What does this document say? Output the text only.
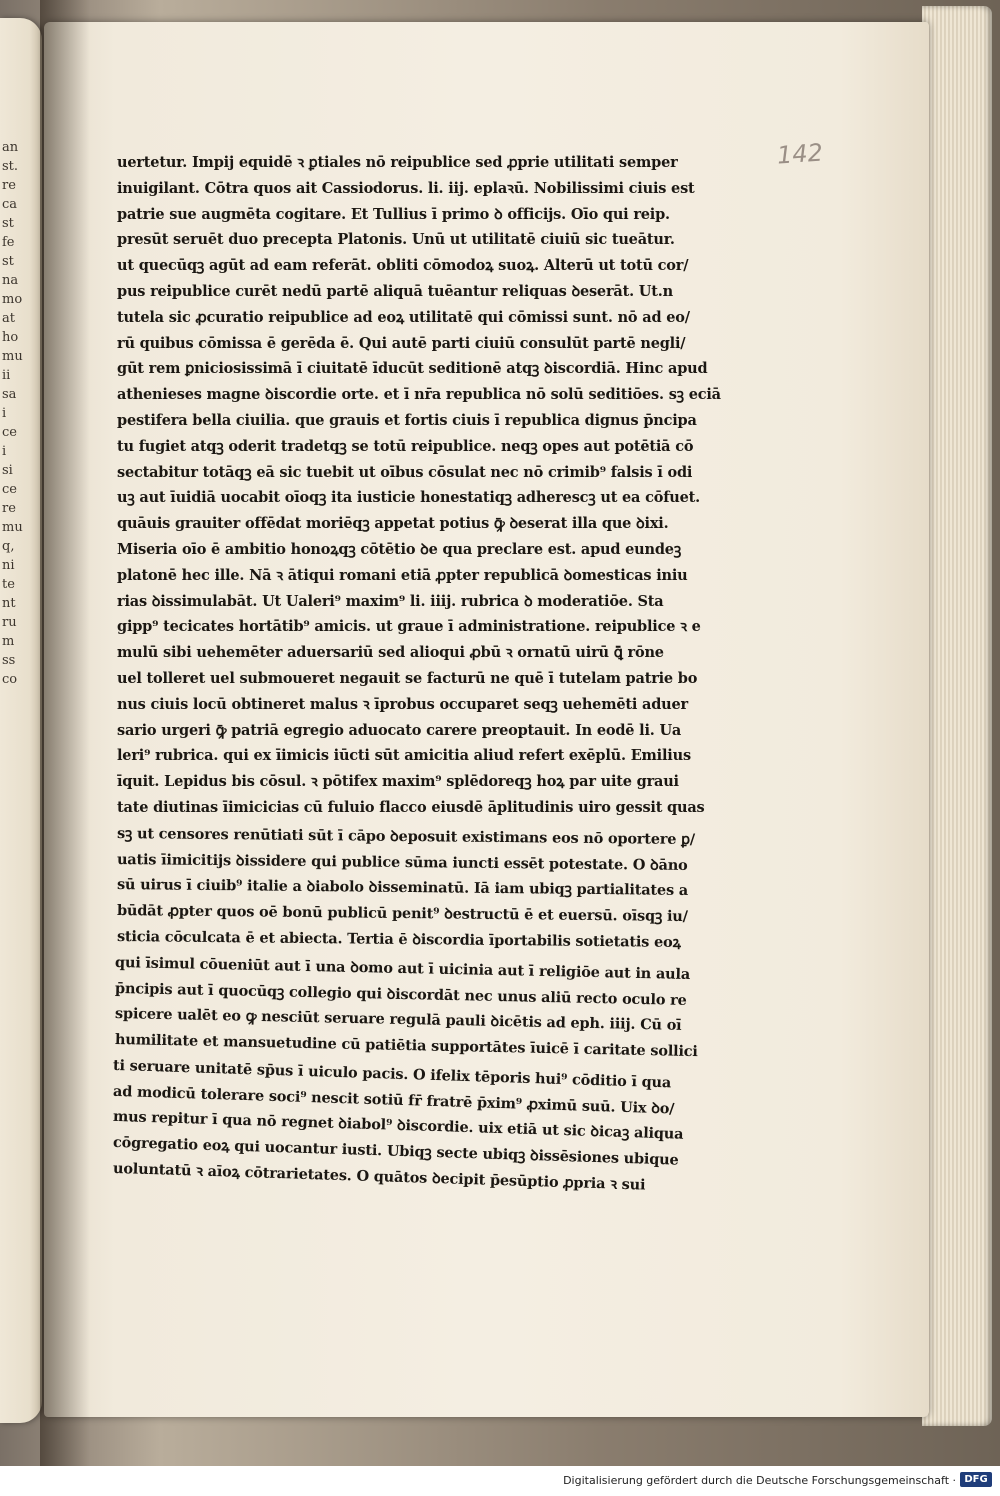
an
st.
re
ca
st
fe
st
na
mo
at
ho
mu
ii
sa
i
ce
i
si
ce
re
mu
q,
ni
te
nt
ru
m
ss
co
142
uertetur. Impij equidē ꝛ ꝑtiales nō reipublice sed ꝓprie utilitati semper
inuigilant. Cōtra quos ait Cassiodorus. li. iij. eplaꝛū. Nobilissimi ciuis est
patrie sue augmēta cogitare. Et Tullius ī primo ꝺ officijs. Oīo qui reip.
presūt seruēt duo precepta Platonis. Unū ut utilitatē ciuiū sic tueātur.
ut quecūqꝫ agūt ad eam referāt. obliti cōmodoꝝ suoꝝ. Alterū ut totū cor/
pus reipublice curēt nedū partē aliquā tuēantur reliquas ꝺeserāt. Ut.n
tutela sic ꝓcuratio reipublice ad eoꝝ utilitatē qui cōmissi sunt. nō ad eo/
rū quibus cōmissa ē gerēda ē. Qui autē parti ciuiū consulūt partē negli/
gūt rem ꝑniciosissimā ī ciuitatē īducūt seditionē atqꝫ ꝺiscordiā. Hinc apud
athenieses magne ꝺiscordie orte. et ī nr̄a republica nō solū seditiōes. sꝫ eciā
pestifera bella ciuilia. que grauis et fortis ciuis ī republica dignus p̄ncipa
tu fugiet atqꝫ oderit tradetqꝫ se totū reipublice. neqꝫ opes aut potētiā cō
sectabitur totāqꝫ eā sic tuebit ut oībus cōsulat nec nō crimib⁹ falsis ī odi
uꝫ aut īuidiā uocabit oīoqꝫ ita iusticie honestatiqꝫ adherescꝫ ut ea cōfuet.
quāuis grauiter offēdat moriēqꝫ appetat potius ꝙ̄ ꝺeserat illa que ꝺixi.
Miseria oīo ē ambitio honoꝝqꝫ cōtētio ꝺe qua preclare est. apud eundeꝫ
platonē hec ille. Nā ꝛ ātiqui romani etiā ꝓpter republicā ꝺomesticas iniu
rias ꝺissimulabāt. Ut Ualeri⁹ maxim⁹ li. iiij. rubrica ꝺ moderatiōe. Sta
gipp⁹ tecicates hortātib⁹ amicis. ut graue ī administratione. reipublice ꝛ e
mulū sibi uehemēter aduersariū sed alioqui ꝓbū ꝛ ornatū uirū ꝗ̄ rōne
uel tolleret uel submoueret negauit se facturū ne quē ī tutelam patrie bo
nus ciuis locū obtineret malus ꝛ īprobus occuparet seqꝫ uehemēti aduer
sario urgeri ꝙ̄ patriā egregio aduocato carere preoptauit. In eodē li. Ua
leri⁹ rubrica. qui ex īimicis iūcti sūt amicitia aliud refert exēplū. Emilius
īquit. Lepidus bis cōsul. ꝛ pōtifex maxim⁹ splēdoreqꝫ hoꝝ par uite graui
tate diutinas īimicicias cū fuluio flacco eiusdē āplitudinis uiro gessit quas
sꝫ ut censores renūtiati sūt ī cāpo ꝺeposuit existimans eos nō oportere ꝑ/
uatis īimicitijs ꝺissidere qui publice sūma iuncti essēt potestate. O ꝺāno
sū uirus ī ciuib⁹ italie a ꝺiabolo ꝺisseminatū. Iā iam ubiqꝫ partialitates a
būdāt ꝓpter quos oē bonū publicū penit⁹ ꝺestructū ē et euersū. oīsqꝫ iu/
sticia cōculcata ē et abiecta. Tertia ē ꝺiscordia īportabilis sotietatis eoꝝ
qui īsimul cōueniūt aut ī una ꝺomo aut ī uicinia aut ī religiōe aut in aula
p̄ncipis aut ī quocūqꝫ collegio qui ꝺiscordāt nec unus aliū recto oculo re
spicere ualēt eo ꝙ nesciūt seruare regulā pauli ꝺicētis ad eph. iiij. Cū oī
humilitate et mansuetudine cū patiētia supportātes īuicē ī caritate sollici
ti seruare unitatē sp̄us ī uiculo pacis. O ifelix tēporis hui⁹ cōditio ī qua
ad modicū tolerare soci⁹ nescit sotiū fr̄ fratrē p̄xim⁹ ꝓximū suū. Uix ꝺo/
mus repitur ī qua nō regnet ꝺiabol⁹ ꝺiscordie. uix etiā ut sic ꝺicaꝫ aliqua
cōgregatio eoꝝ qui uocantur iusti. Ubiqꝫ secte ubiqꝫ ꝺissēsiones ubique
uoluntatū ꝛ aīoꝝ cōtrarietates. O quātos ꝺecipit p̄esūptio ꝓpria ꝛ sui
Digitalisierung gefördert durch die Deutsche Forschungsgemeinschaft · DFG
